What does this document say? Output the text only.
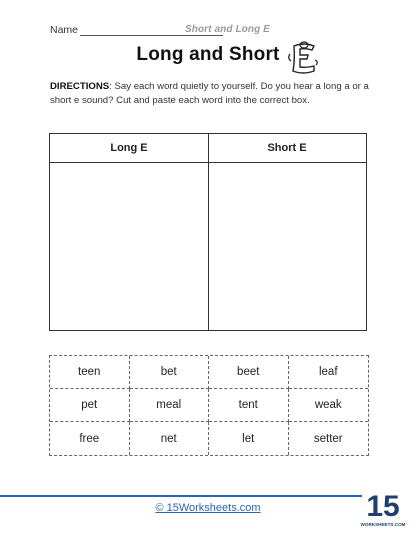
Name	Short and Long E
Long and Short
DIRECTIONS: Say each word quietly to yourself. Do you hear a long a or a short e sound? Cut and paste each word into the correct box.
Long E	Short E
teen	bet	beet	leaf
pet	meal	tent	weak
free	net	let	setter
© 15Worksheets.com	15
WORKSHEETS.COM
